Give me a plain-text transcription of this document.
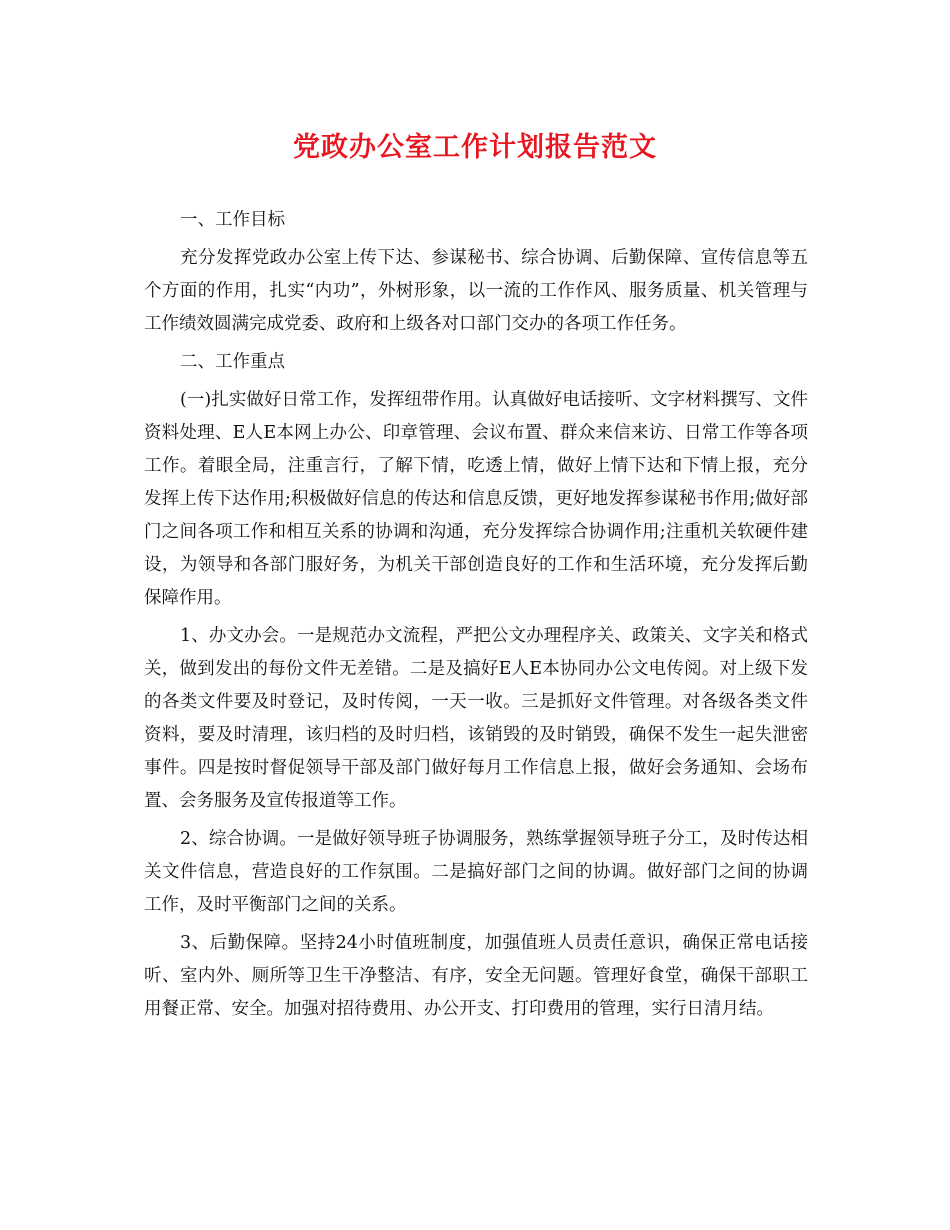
党政办公室工作计划报告范文

一、工作目标

充分发挥党政办公室上传下达、参谋秘书、综合协调、后勤保障、宣传信息等五个方面的作用，扎实“内功”，外树形象，以一流的工作作风、服务质量、机关管理与工作绩效圆满完成党委、政府和上级各对口部门交办的各项工作任务。

二、工作重点

(一)扎实做好日常工作，发挥纽带作用。认真做好电话接听、文字材料撰写、文件资料处理、E人E本网上办公、印章管理、会议布置、群众来信来访、日常工作等各项工作。着眼全局，注重言行，了解下情，吃透上情，做好上情下达和下情上报，充分发挥上传下达作用;积极做好信息的传达和信息反馈，更好地发挥参谋秘书作用;做好部门之间各项工作和相互关系的协调和沟通，充分发挥综合协调作用;注重机关软硬件建设，为领导和各部门服好务，为机关干部创造良好的工作和生活环境，充分发挥后勤保障作用。

1、办文办会。一是规范办文流程，严把公文办理程序关、政策关、文字关和格式关，做到发出的每份文件无差错。二是及搞好E人E本协同办公文电传阅。对上级下发的各类文件要及时登记，及时传阅，一天一收。三是抓好文件管理。对各级各类文件资料，要及时清理，该归档的及时归档，该销毁的及时销毁，确保不发生一起失泄密事件。四是按时督促领导干部及部门做好每月工作信息上报，做好会务通知、会场布置、会务服务及宣传报道等工作。

2、综合协调。一是做好领导班子协调服务，熟练掌握领导班子分工，及时传达相关文件信息，营造良好的工作氛围。二是搞好部门之间的协调。做好部门之间的协调工作，及时平衡部门之间的关系。

3、后勤保障。坚持24小时值班制度，加强值班人员责任意识，确保正常电话接听、室内外、厕所等卫生干净整洁、有序，安全无问题。管理好食堂，确保干部职工用餐正常、安全。加强对招待费用、办公开支、打印费用的管理，实行日清月结。
